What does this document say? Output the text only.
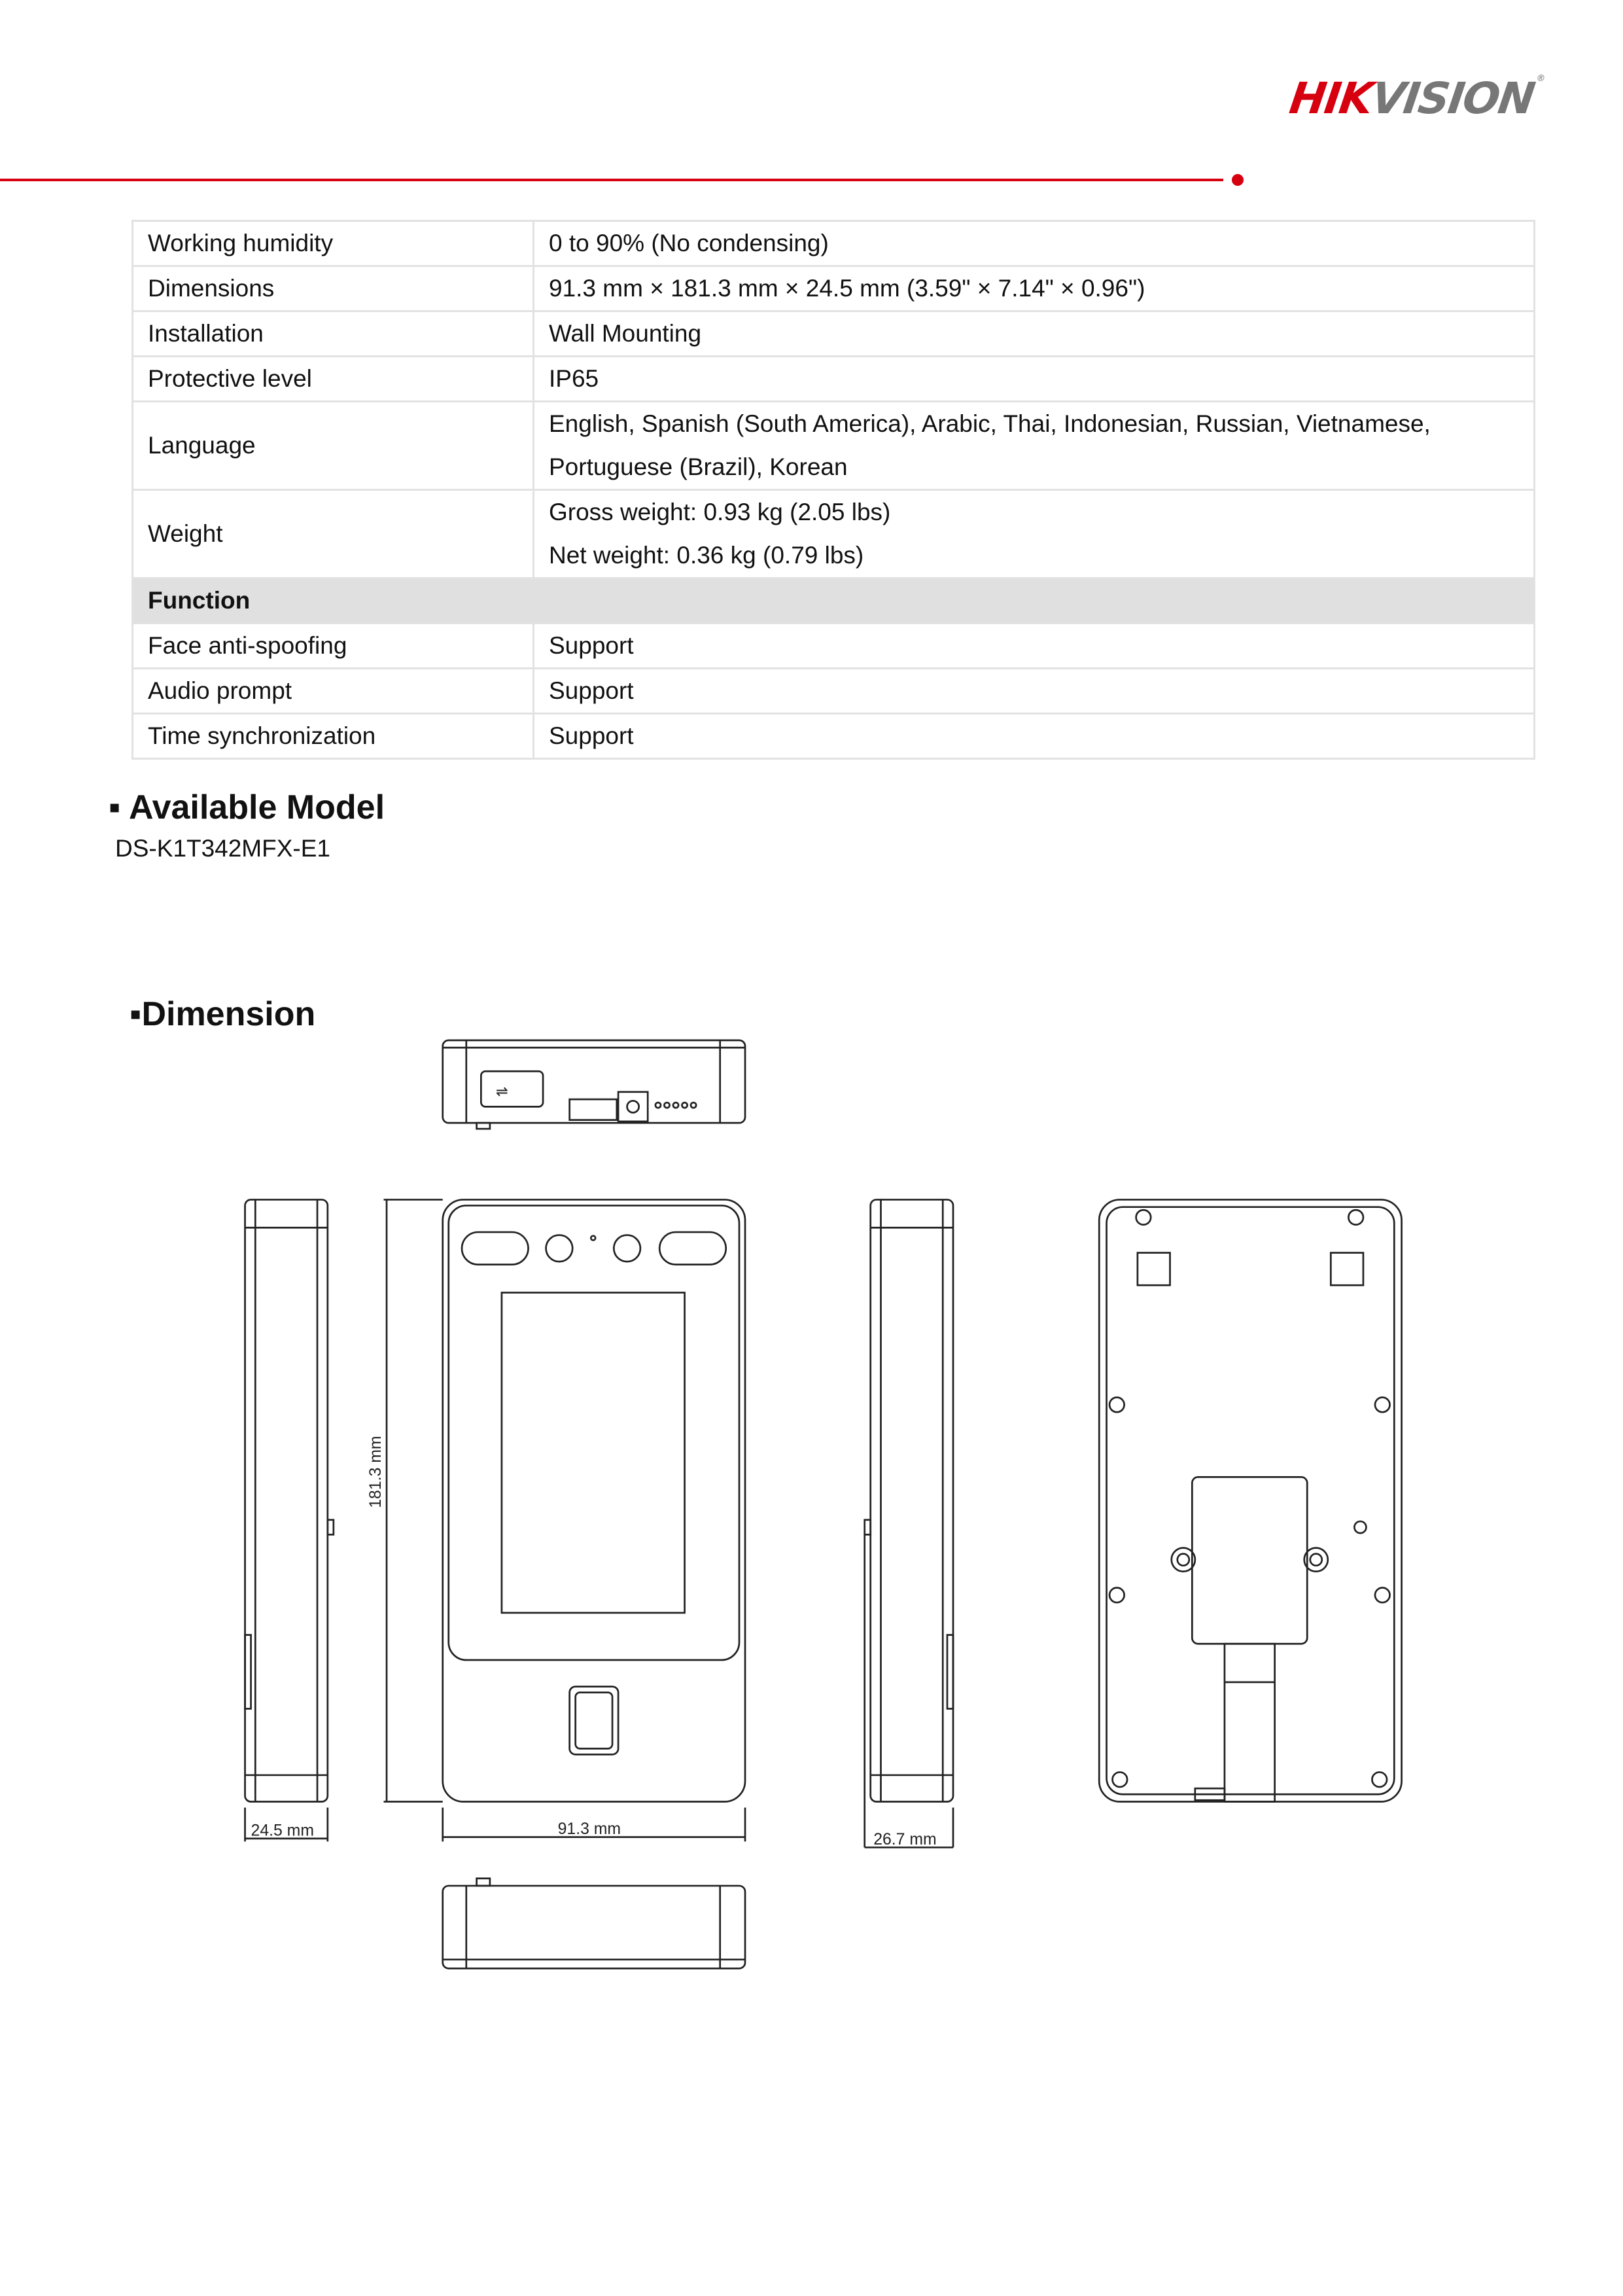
HIKVISION®
Working humidity	0 to 90% (No condensing)
Dimensions	91.3 mm × 181.3 mm × 24.5 mm (3.59" × 7.14" × 0.96")
Installation	Wall Mounting
Protective level	IP65
Language	English, Spanish (South America), Arabic, Thai, Indonesian, Russian, Vietnamese,
Portuguese (Brazil), Korean

Weight	Gross weight: 0.93 kg (2.05 lbs)
Net weight: 0.36 kg (0.79 lbs)

Function	
Face anti-spoofing	Support
Audio prompt	Support
Time synchronization	Support
▪ Available Model
DS-K1T342MFX-E1
▪Dimension
⇌
181.3 mm
91.3 mm
24.5 mm
26.7 mm
